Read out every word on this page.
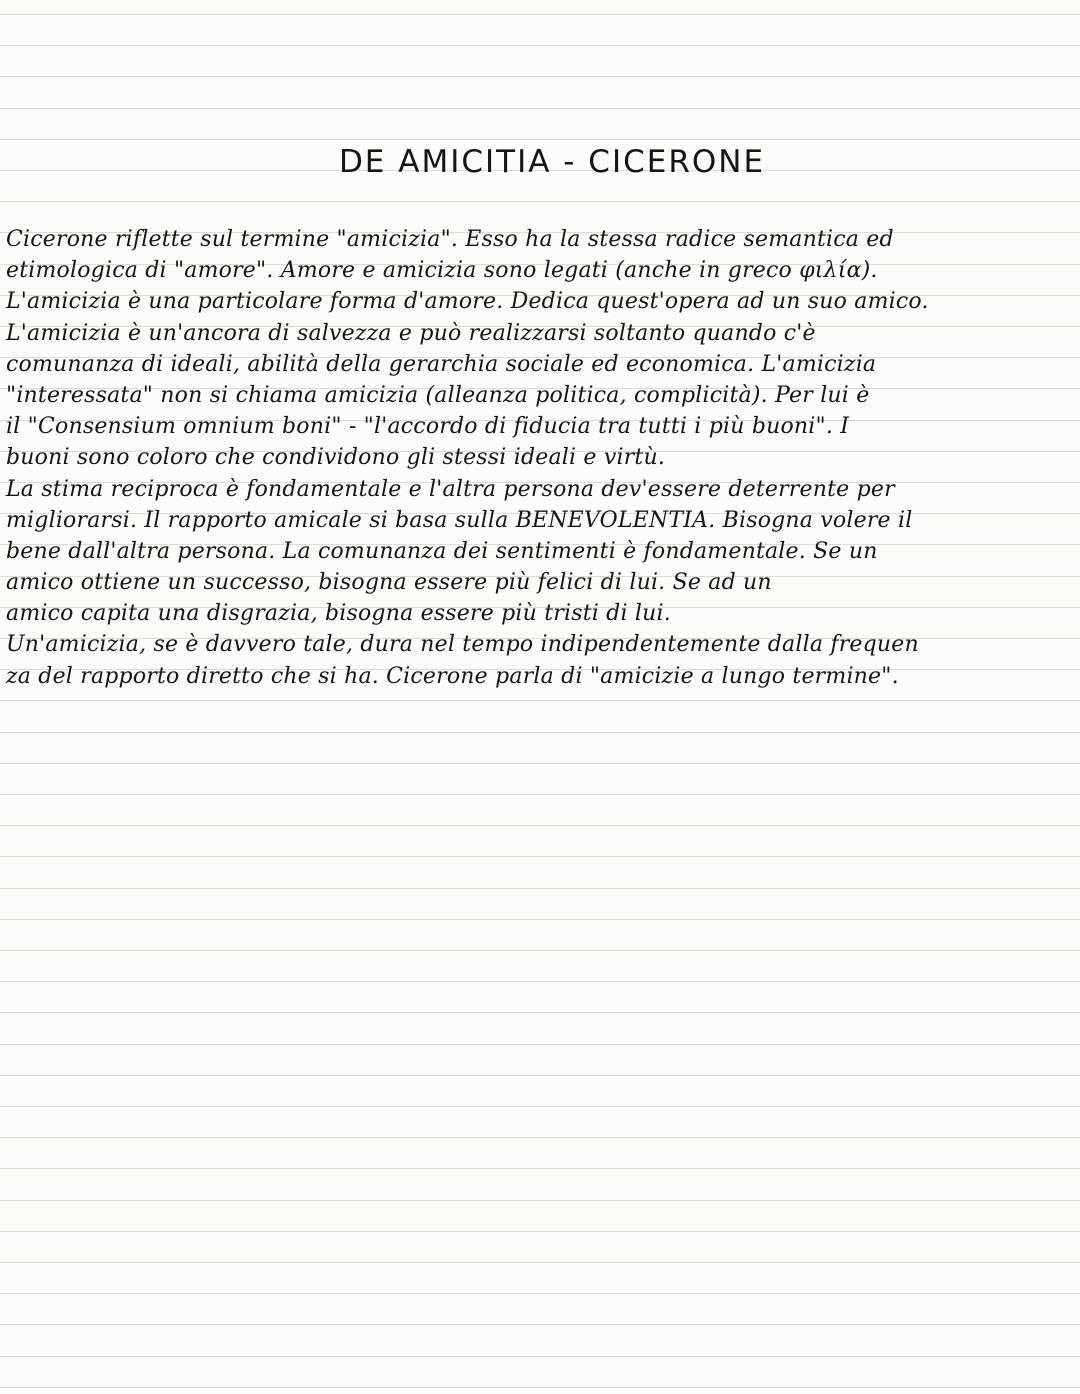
DE AMICITIA - CICERONE
Cicerone riflette sul termine "amicizia". Esso ha la stessa radice semantica ed
etimologica di "amore". Amore e amicizia sono legati (anche in greco φιλία).
L'amicizia è una particolare forma d'amore. Dedica quest'opera ad un suo amico.
L'amicizia è un'ancora di salvezza e può realizzarsi soltanto quando c'è
comunanza di ideali, abilità della gerarchia sociale ed economica. L'amicizia
"interessata" non si chiama amicizia (alleanza politica, complicità). Per lui è
il "Consensium omnium boni" - "l'accordo di fiducia tra tutti i più buoni". I
buoni sono coloro che condividono gli stessi ideali e virtù.
La stima reciproca è fondamentale e l'altra persona dev'essere deterrente per
migliorarsi. Il rapporto amicale si basa sulla BENEVOLENTIA. Bisogna volere il
bene dall'altra persona. La comunanza dei sentimenti è fondamentale. Se un
amico ottiene un successo, bisogna essere più felici di lui. Se ad un
amico capita una disgrazia, bisogna essere più tristi di lui.
Un'amicizia, se è davvero tale, dura nel tempo indipendentemente dalla frequen
za del rapporto diretto che si ha. Cicerone parla di "amicizie a lungo termine".
